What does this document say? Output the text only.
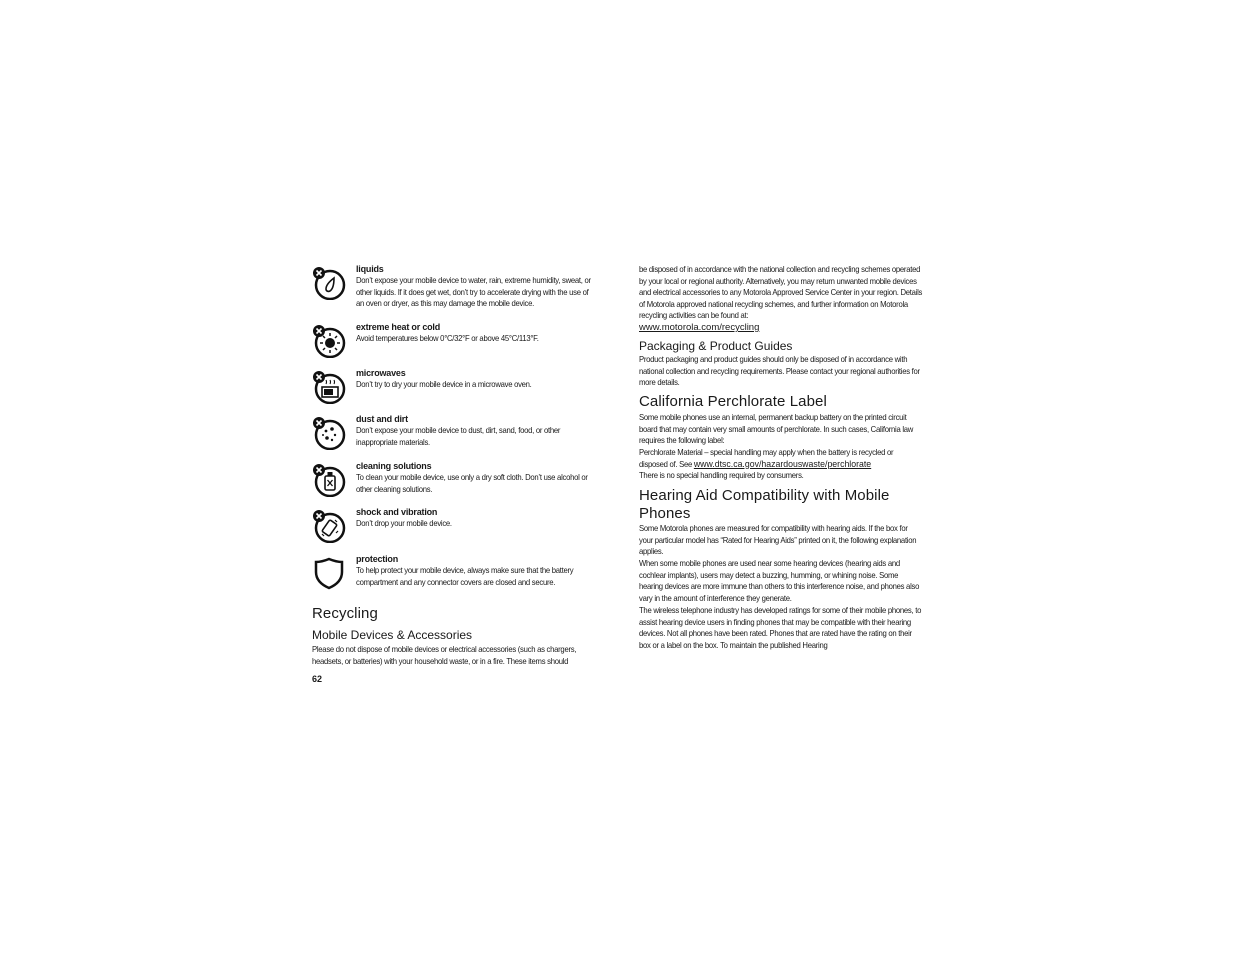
liquids
Don’t expose your mobile device to water, rain, extreme humidity, sweat, or other liquids. If it does get wet, don’t try to accelerate drying with the use of an oven or dryer, as this may damage the mobile device.
extreme heat or cold
Avoid temperatures below 0°C/32°F or above 45°C/113°F.
microwaves
Don’t try to dry your mobile device in a microwave oven.
dust and dirt
Don’t expose your mobile device to dust, dirt, sand, food, or other inappropriate materials.
cleaning solutions
To clean your mobile device, use only a dry soft cloth. Don’t use alcohol or other cleaning solutions.
shock and vibration
Don’t drop your mobile device.
protection
To help protect your mobile device, always make sure that the battery compartment and any connector covers are closed and secure.
Recycling
Mobile Devices & Accessories

Please do not dispose of mobile devices or electrical accessories (such as chargers, headsets, or batteries) with your household waste, or in a fire. These items should

62

be disposed of in accordance with the national collection and recycling schemes operated by your local or regional authority. Alternatively, you may return unwanted mobile devices and electrical accessories to any Motorola Approved Service Center in your region. Details of Motorola approved national recycling schemes, and further information on Motorola recycling activities can be found at:

www.motorola.com/recycling
Packaging & Product Guides

Product packaging and product guides should only be disposed of in accordance with national collection and recycling requirements. Please contact your regional authorities for more details.

California Perchlorate Label

Some mobile phones use an internal, permanent backup battery on the printed circuit board that may contain very small amounts of perchlorate. In such cases, California law requires the following label:

Perchlorate Material – special handling may apply when the battery is recycled or disposed of. See www.dtsc.ca.gov/hazardouswaste/perchlorate

There is no special handling required by consumers.

Hearing Aid Compatibility with Mobile
Phones

Some Motorola phones are measured for compatibility with hearing aids. If the box for your particular model has “Rated for Hearing Aids” printed on it, the following explanation applies.

When some mobile phones are used near some hearing devices (hearing aids and cochlear implants), users may detect a buzzing, humming, or whining noise. Some hearing devices are more immune than others to this interference noise, and phones also vary in the amount of interference they generate.

The wireless telephone industry has developed ratings for some of their mobile phones, to assist hearing device users in finding phones that may be compatible with their hearing devices. Not all phones have been rated. Phones that are rated have the rating on their box or a label on the box. To maintain the published Hearing
